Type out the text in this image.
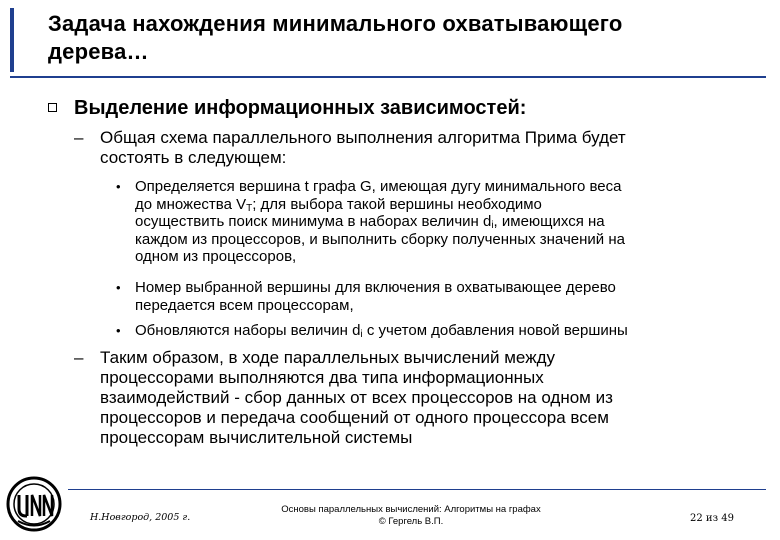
Задача нахождения минимального охватывающего
дерева…
Выделение информационных зависимостей:
– Общая схема параллельного выполнения алгоритма Прима будет
состоять в следующем:
• Определяется вершина t графа G, имеющая дугу минимального веса
до множества $V_T$; для выбора такой вершины необходимо
осуществить поиск минимума в наборах величин $d_i$, имеющихся на
каждом из процессоров, и выполнить сборку полученных значений на
одном из процессоров,
• Номер выбранной вершины для включения в охватывающее дерево
передается всем процессорам,
• Обновляются наборы величин $d_i$ с учетом добавления новой вершины
– Таким образом, в ходе параллельных вычислений между
процессорами выполняются два типа информационных
взаимодействий - сбор данных от всех процессоров на одном из
процессоров и передача сообщений от одного процессора всем
процессорам вычислительной системы
Н.Новгород, 2005 г.
Основы параллельных вычислений: Алгоритмы на графах
© Гергель В.П.	22 из 49
